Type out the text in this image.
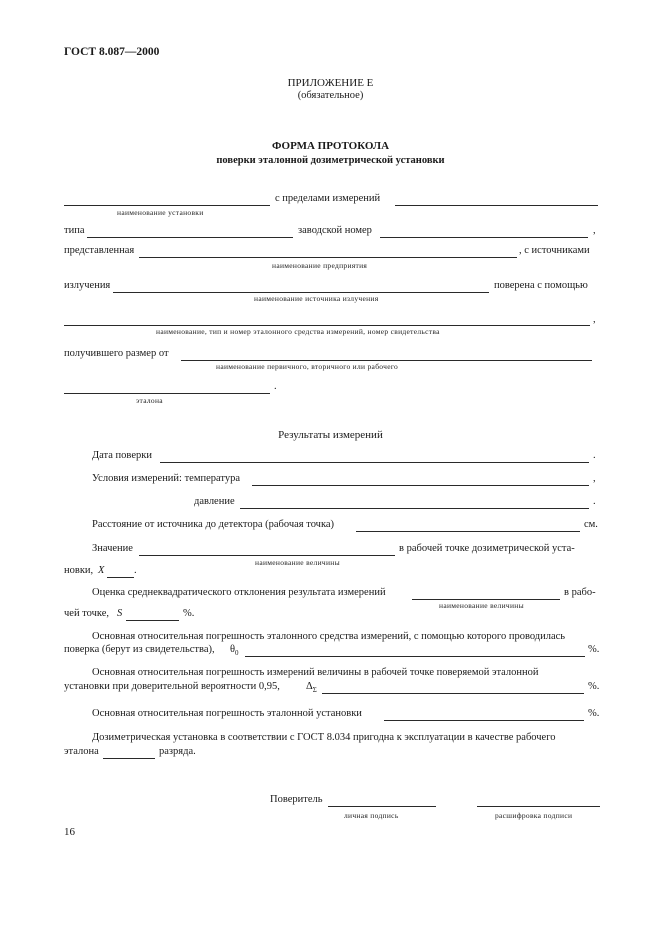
ГОСТ 8.087—2000
ПРИЛОЖЕНИЕ Е
(обязательное)
ФОРМА ПРОТОКОЛА
поверки эталонной дозиметрической установки
с пределами измерений
наименование установки
типа	заводской номер	,
представленная	, с источниками
наименование предприятия
излучения	поверена с помощью
наименование источника излучения
,
наименование, тип и номер эталонного средства измерений, номер свидетельства
получившего размер от
наименование первичного, вторичного или рабочего
.
эталона
Результаты измерений
Дата поверки	.
Условия измерений: температура	,
давление	.
Расстояние от источника до детектора (рабочая точка)	см.
Значение	в рабочей точке дозиметрической уста-
наименование величины
новки, X	.
Оценка среднеквадратического отклонения результата измерений	в рабо-
наименование величины
чей точке, S	%.
Основная относительная погрешность эталонного средства измерений, с помощью которого проводилась
поверка (берут из свидетельства), $\theta_0$	%.
Основная относительная погрешность измерений величины в рабочей точке поверяемой эталонной
установки при доверительной вероятности 0,95, $\Delta_\Sigma$	%.
Основная относительная погрешность эталонной установки	%.
Дозиметрическая установка в соответствии с ГОСТ 8.034 пригодна к эксплуатации в качестве рабочего
эталона	разряда.
Поверитель
личная подпись	расшифровка подписи
16
